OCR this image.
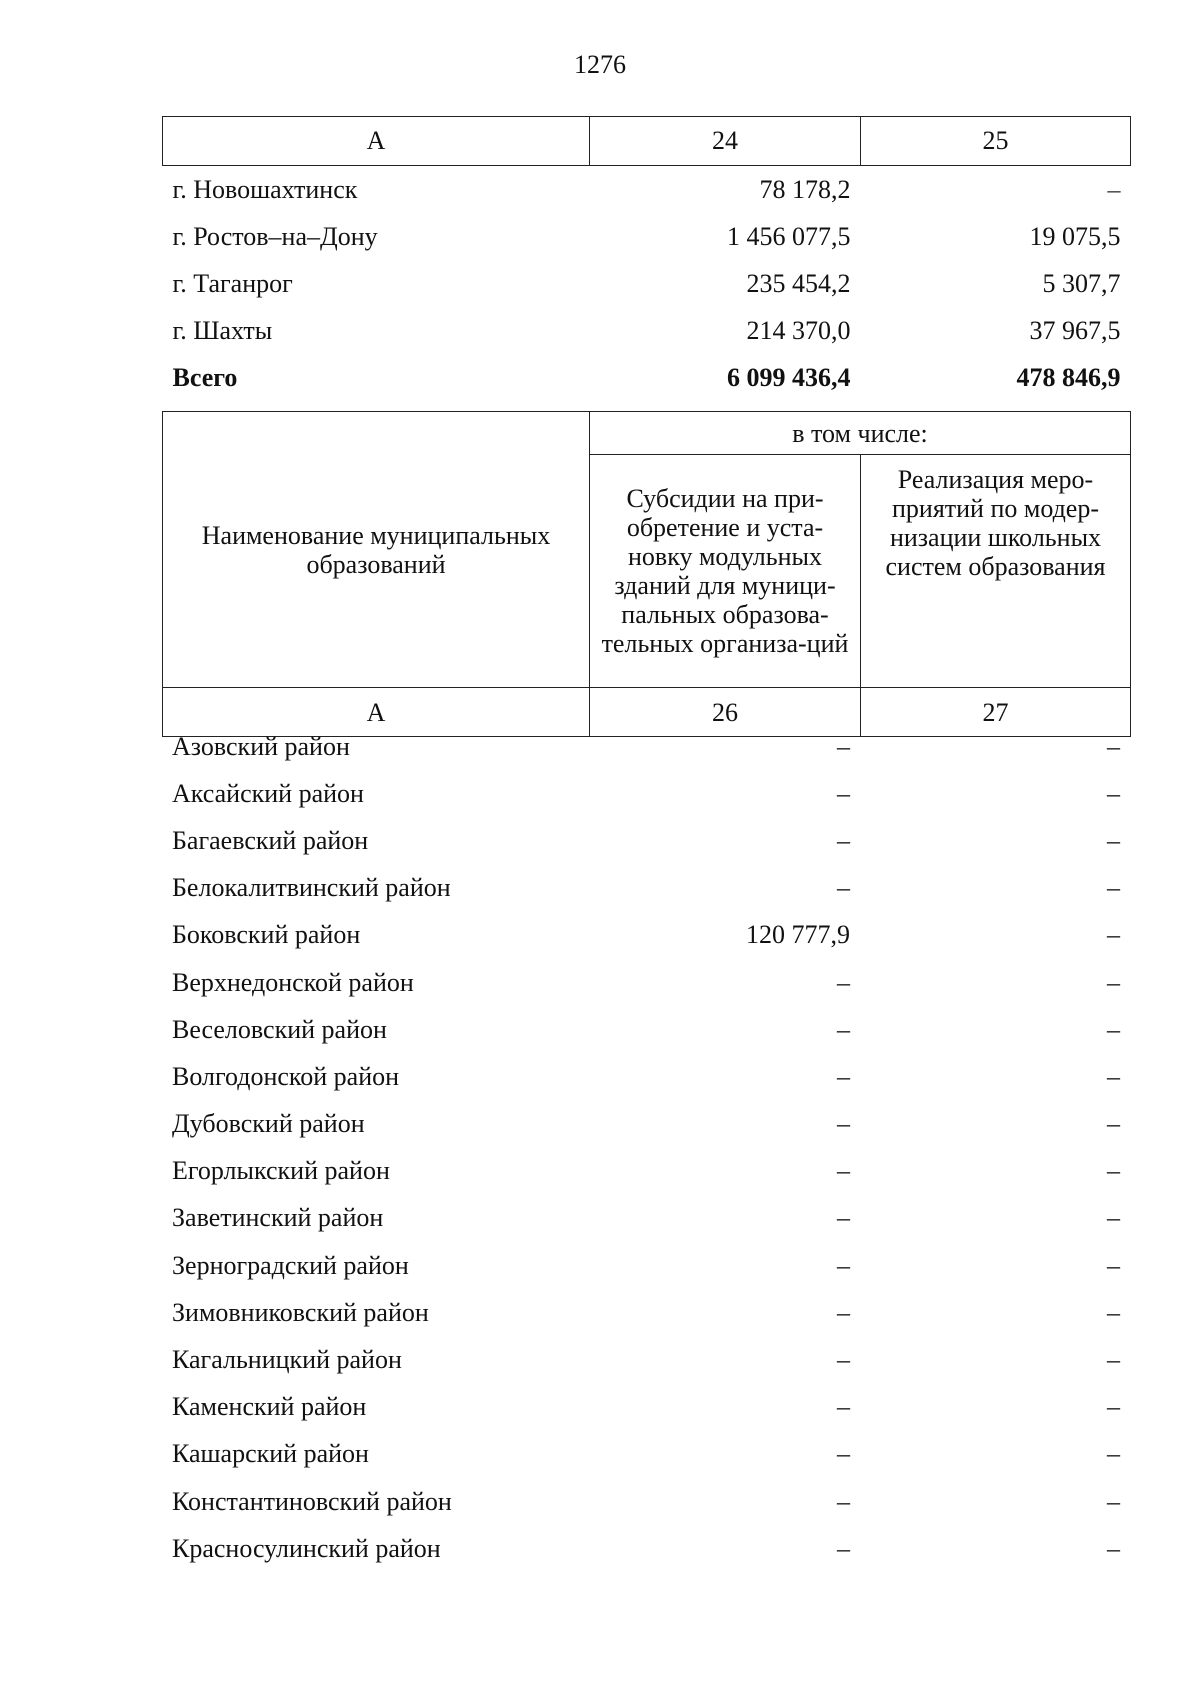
1276
А	24	25
г. Новошахтинск	78 178,2	–
г. Ростов–на–Дону	1 456 077,5	19 075,5
г. Таганрог	235 454,2	5 307,7
г. Шахты	214 370,0	37 967,5
Всего	6 099 436,4	478 846,9
Наименование муниципальных образований	в том числе:	
	Субсидии на при-обретение и уста-новку модульных зданий для муници-пальных образова-тельных организа-ций	Реализация меро-приятий по модер-низации школьных систем образования
А	26	27
Азовский район	–	–
Аксайский район	–	–
Багаевский район	–	–
Белокалитвинский район	–	–
Боковский район	120 777,9	–
Верхнедонской район	–	–
Веселовский район	–	–
Волгодонской район	–	–
Дубовский район	–	–
Егорлыкский район	–	–
Заветинский район	–	–
Зерноградский район	–	–
Зимовниковский район	–	–
Кагальницкий район	–	–
Каменский район	–	–
Кашарский район	–	–
Константиновский район	–	–
Красносулинский район	–	–
